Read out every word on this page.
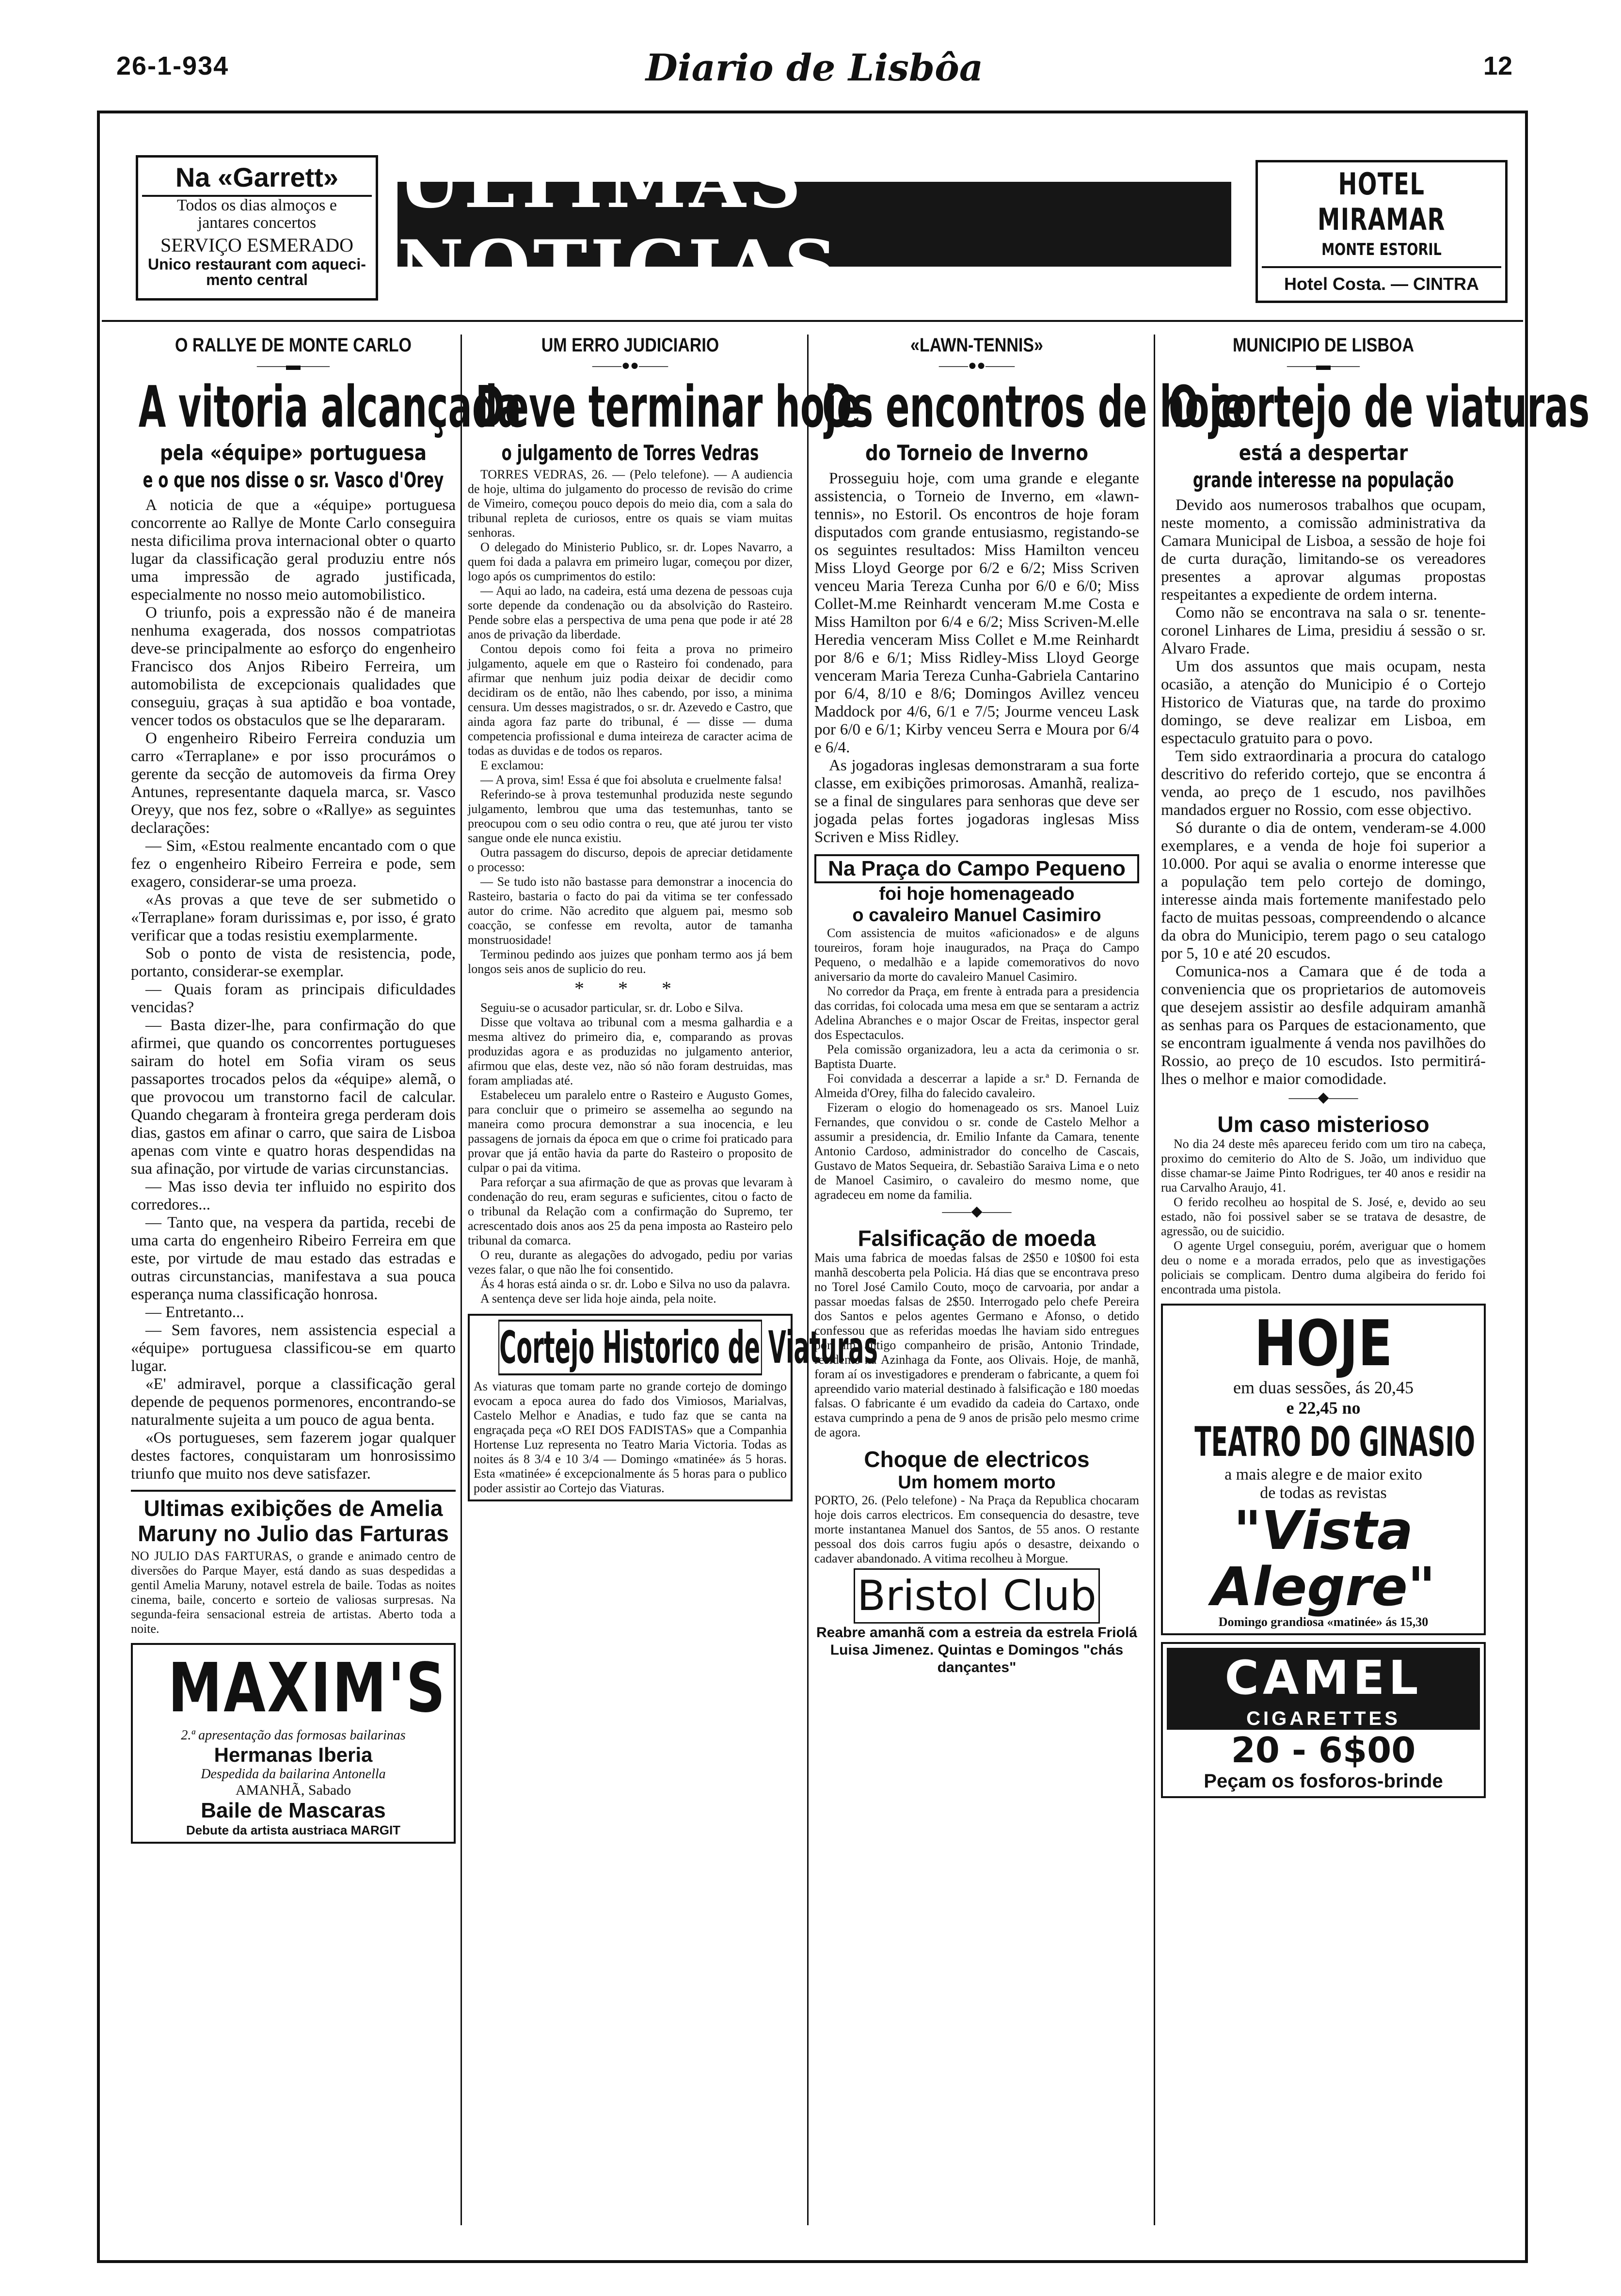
26-1-934	Diario de Lisbôa	12
Na «Garrett»
Todos os dias almoços e
jantares concertos
SERVIÇO ESMERADO
Unico restaurant com aqueci-
mento central
ULTIMAS NOTICIAS
HOTEL MIRAMAR
MONTE ESTORIL
Hotel Costa. — CINTRA
O RALLYE DE MONTE CARLO
——▬——
A vitoria alcançada
pela «équipe» portuguesa
e o que nos disse o sr. Vasco d'Orey

A noticia de que a «équipe» portuguesa concorrente ao Rallye de Monte Carlo conseguira nesta dificilima prova internacional obter o quarto lugar da classificação geral produziu entre nós uma impressão de agrado justificada, especialmente no nosso meio automobilistico.

O triunfo, pois a expressão não é de maneira nenhuma exagerada, dos nossos compatriotas deve-se principalmente ao esforço do engenheiro Francisco dos Anjos Ribeiro Ferreira, um automobilista de excepcionais qualidades que conseguiu, graças à sua aptidão e boa vontade, vencer todos os obstaculos que se lhe depararam.

O engenheiro Ribeiro Ferreira conduzia um carro «Terraplane» e por isso procurámos o gerente da secção de automoveis da firma Orey Antunes, representante daquela marca, sr. Vasco Oreyy, que nos fez, sobre o «Rallye» as seguintes declarações:

— Sim, «Estou realmente encantado com o que fez o engenheiro Ribeiro Ferreira e pode, sem exagero, considerar-se uma proeza.

«As provas a que teve de ser submetido o «Terraplane» foram durissimas e, por isso, é grato verificar que a todas resistiu exemplarmente.

Sob o ponto de vista de resistencia, pode, portanto, considerar-se exemplar.

— Quais foram as principais dificuldades vencidas?

— Basta dizer-lhe, para confirmação do que afirmei, que quando os concorrentes portugueses sairam do hotel em Sofia viram os seus passaportes trocados pelos da «équipe» alemã, o que provocou um transtorno facil de calcular. Quando chegaram à fronteira grega perderam dois dias, gastos em afinar o carro, que saira de Lisboa apenas com vinte e quatro horas despendidas na sua afinação, por virtude de varias circunstancias.

— Mas isso devia ter influido no espirito dos corredores...

— Tanto que, na vespera da partida, recebi de uma carta do engenheiro Ribeiro Ferreira em que este, por virtude de mau estado das estradas e outras circunstancias, manifestava a sua pouca esperança numa classificação honrosa.

— Entretanto...

— Sem favores, nem assistencia especial a «équipe» portuguesa classificou-se em quarto lugar.

«E' admiravel, porque a classificação geral depende de pequenos pormenores, encontrando-se naturalmente sujeita a um pouco de agua benta.

«Os portugueses, sem fazerem jogar qualquer destes factores, conquistaram um honrosissimo triunfo que muito nos deve satisfazer.

Ultimas exibições de Amelia Maruny no Julio das Farturas
NO JULIO DAS FARTURAS, o grande e animado centro de diversões do Parque Mayer, está dando as suas despedidas a gentil Amelia Maruny, notavel estrela de baile. Todas as noites cinema, baile, concerto e sorteio de valiosas surpresas. Na segunda-feira sensacional estreia de artistas. Aberto toda a noite.
MAXIM'S
2.ª apresentação das formosas bailarinas
Hermanas Iberia
Despedida da bailarina Antonella
AMANHÃ, Sabado
Baile de Mascaras
Debute da artista austriaca MARGIT
UM ERRO JUDICIARIO
——●●——
Deve terminar hoje
o julgamento de Torres Vedras

TORRES VEDRAS, 26. — (Pelo telefone). — A audiencia de hoje, ultima do julgamento do processo de revisão do crime de Vimeiro, começou pouco depois do meio dia, com a sala do tribunal repleta de curiosos, entre os quais se viam muitas senhoras.

O delegado do Ministerio Publico, sr. dr. Lopes Navarro, a quem foi dada a palavra em primeiro lugar, começou por dizer, logo após os cumprimentos do estilo:

— Aqui ao lado, na cadeira, está uma dezena de pessoas cuja sorte depende da condenação ou da absolvição do Rasteiro. Pende sobre elas a perspectiva de uma pena que pode ir até 28 anos de privação da liberdade.

Contou depois como foi feita a prova no primeiro julgamento, aquele em que o Rasteiro foi condenado, para afirmar que nenhum juiz podia deixar de decidir como decidiram os de então, não lhes cabendo, por isso, a minima censura. Um desses magistrados, o sr. dr. Azevedo e Castro, que ainda agora faz parte do tribunal, é — disse — duma competencia profissional e duma inteireza de caracter acima de todas as duvidas e de todos os reparos.

E exclamou:

— A prova, sim! Essa é que foi absoluta e cruelmente falsa!

Referindo-se à prova testemunhal produzida neste segundo julgamento, lembrou que uma das testemunhas, tanto se preocupou com o seu odio contra o reu, que até jurou ter visto sangue onde ele nunca existiu.

Outra passagem do discurso, depois de apreciar detidamente o processo:

— Se tudo isto não bastasse para demonstrar a inocencia do Rasteiro, bastaria o facto do pai da vitima se ter confessado autor do crime. Não acredito que alguem pai, mesmo sob coacção, se confesse em revolta, autor de tamanha monstruosidade!

Terminou pedindo aos juizes que ponham termo aos já bem longos seis anos de suplicio do reu.

* * *

Seguiu-se o acusador particular, sr. dr. Lobo e Silva.

Disse que voltava ao tribunal com a mesma galhardia e a mesma altivez do primeiro dia, e, comparando as provas produzidas agora e as produzidas no julgamento anterior, afirmou que elas, deste vez, não só não foram destruidas, mas foram ampliadas até.

Estabeleceu um paralelo entre o Rasteiro e Augusto Gomes, para concluir que o primeiro se assemelha ao segundo na maneira como procura demonstrar a sua inocencia, e leu passagens de jornais da época em que o crime foi praticado para provar que já então havia da parte do Rasteiro o proposito de culpar o pai da vitima.

Para reforçar a sua afirmação de que as provas que levaram à condenação do reu, eram seguras e suficientes, citou o facto de o tribunal da Relação com a confirmação do Supremo, ter acrescentado dois anos aos 25 da pena imposta ao Rasteiro pelo tribunal da comarca.

O reu, durante as alegações do advogado, pediu por varias vezes falar, o que não lhe foi consentido.

Ás 4 horas está ainda o sr. dr. Lobo e Silva no uso da palavra.

A sentença deve ser lida hoje ainda, pela noite.

Cortejo Historico de Viaturas
As viaturas que tomam parte no grande cortejo de domingo evocam a epoca aurea do fado dos Vimiosos, Marialvas, Castelo Melhor e Anadias, e tudo faz que se canta na engraçada peça «O REI DOS FADISTAS» que a Companhia Hortense Luz representa no Teatro Maria Victoria. Todas as noites ás 8 3/4 e 10 3/4 — Domingo «matinée» ás 5 horas. Esta «matinée» é excepcionalmente ás 5 horas para o publico poder assistir ao Cortejo das Viaturas.
«LAWN-TENNIS»
——●●——
Os encontros de hoje
do Torneio de Inverno

Prosseguiu hoje, com uma grande e elegante assistencia, o Torneio de Inverno, em «lawn-tennis», no Estoril. Os encontros de hoje foram disputados com grande entusiasmo, registando-se os seguintes resultados: Miss Hamilton venceu Miss Lloyd George por 6/2 e 6/2; Miss Scriven venceu Maria Tereza Cunha por 6/0 e 6/0; Miss Collet-M.me Reinhardt venceram M.me Costa e Miss Hamilton por 6/4 e 6/2; Miss Scriven-M.elle Heredia venceram Miss Collet e M.me Reinhardt por 8/6 e 6/1; Miss Ridley-Miss Lloyd George venceram Maria Tereza Cunha-Gabriela Cantarino por 6/4, 8/10 e 8/6; Domingos Avillez venceu Maddock por 4/6, 6/1 e 7/5; Jourme venceu Lask por 6/0 e 6/1; Kirby venceu Serra e Moura por 6/4 e 6/4.

As jogadoras inglesas demonstraram a sua forte classe, em exibições primorosas. Amanhã, realiza-se a final de singulares para senhoras que deve ser jogada pelas fortes jogadoras inglesas Miss Scriven e Miss Ridley.

Na Praça do Campo Pequeno
foi hoje homenageado
o cavaleiro Manuel Casimiro

Com assistencia de muitos «aficionados» e de alguns toureiros, foram hoje inaugurados, na Praça do Campo Pequeno, o medalhão e a lapide comemorativos do novo aniversario da morte do cavaleiro Manuel Casimiro.

No corredor da Praça, em frente à entrada para a presidencia das corridas, foi colocada uma mesa em que se sentaram a actriz Adelina Abranches e o major Oscar de Freitas, inspector geral dos Espectaculos.

Pela comissão organizadora, leu a acta da cerimonia o sr. Baptista Duarte.

Foi convidada a descerrar a lapide a sr.ª D. Fernanda de Almeida d'Orey, filha do falecido cavaleiro.

Fizeram o elogio do homenageado os srs. Manoel Luiz Fernandes, que convidou o sr. conde de Castelo Melhor a assumir a presidencia, dr. Emilio Infante da Camara, tenente Antonio Cardoso, administrador do concelho de Cascais, Gustavo de Matos Sequeira, dr. Sebastião Saraiva Lima e o neto de Manoel Casimiro, o cavaleiro do mesmo nome, que agradeceu em nome da familia.

——◆——
Falsificação de moeda
Mais uma fabrica de moedas falsas de 2$50 e 10$00 foi esta manhã descoberta pela Policia. Há dias que se encontrava preso no Torel José Camilo Couto, moço de carvoaria, por andar a passar moedas falsas de 2$50. Interrogado pelo chefe Pereira dos Santos e pelos agentes Germano e Afonso, o detido confessou que as referidas moedas lhe haviam sido entregues por um antigo companheiro de prisão, Antonio Trindade, residente na Azinhaga da Fonte, aos Olivais. Hoje, de manhã, foram aí os investigadores e prenderam o fabricante, a quem foi apreendido vario material destinado à falsificação e 180 moedas falsas. O fabricante é um evadido da cadeia do Cartaxo, onde estava cumprindo a pena de 9 anos de prisão pelo mesmo crime de agora.
Choque de electricos
Um homem morto
PORTO, 26. (Pelo telefone) - Na Praça da Republica chocaram hoje dois carros electricos. Em consequencia do desastre, teve morte instantanea Manuel dos Santos, de 55 anos. O restante pessoal dos dois carros fugiu após o desastre, deixando o cadaver abandonado. A vitima recolheu à Morgue.
Bristol Club
Reabre amanhã com a estreia da estrela Friolá Luisa Jimenez. Quintas e Domingos "chás dançantes"
MUNICIPIO DE LISBOA
——▬——
O cortejo de viaturas
está a despertar
grande interesse na população

Devido aos numerosos trabalhos que ocupam, neste momento, a comissão administrativa da Camara Municipal de Lisboa, a sessão de hoje foi de curta duração, limitando-se os vereadores presentes a aprovar algumas propostas respeitantes a expediente de ordem interna.

Como não se encontrava na sala o sr. tenente-coronel Linhares de Lima, presidiu á sessão o sr. Alvaro Frade.

Um dos assuntos que mais ocupam, nesta ocasião, a atenção do Municipio é o Cortejo Historico de Viaturas que, na tarde do proximo domingo, se deve realizar em Lisboa, em espectaculo gratuito para o povo.

Tem sido extraordinaria a procura do catalogo descritivo do referido cortejo, que se encontra á venda, ao preço de 1 escudo, nos pavilhões mandados erguer no Rossio, com esse objectivo.

Só durante o dia de ontem, venderam-se 4.000 exemplares, e a venda de hoje foi superior a 10.000. Por aqui se avalia o enorme interesse que a população tem pelo cortejo de domingo, interesse ainda mais fortemente manifestado pelo facto de muitas pessoas, compreendendo o alcance da obra do Municipio, terem pago o seu catalogo por 5, 10 e até 20 escudos.

Comunica-nos a Camara que é de toda a conveniencia que os proprietarios de automoveis que desejem assistir ao desfile adquiram amanhã as senhas para os Parques de estacionamento, que se encontram igualmente á venda nos pavilhões do Rossio, ao preço de 10 escudos. Isto permitirá-lhes o melhor e maior comodidade.

——◆——
Um caso misterioso

No dia 24 deste mês apareceu ferido com um tiro na cabeça, proximo do cemiterio do Alto de S. João, um individuo que disse chamar-se Jaime Pinto Rodrigues, ter 40 anos e residir na rua Carvalho Araujo, 41.

O ferido recolheu ao hospital de S. José, e, devido ao seu estado, não foi possivel saber se se tratava de desastre, de agressão, ou de suicidio.

O agente Urgel conseguiu, porém, averiguar que o homem deu o nome e a morada errados, pelo que as investigações policiais se complicam. Dentro duma algibeira do ferido foi encontrada uma pistola.

HOJE
em duas sessões, ás 20,45
e 22,45 no
TEATRO DO GINASIO
a mais alegre e de maior exito
de todas as revistas
"Vista
Alegre"
Domingo grandiosa «matinée» ás 15,30
CAMEL
CIGARETTES
20 - 6$00
Peçam os fosforos-brinde
